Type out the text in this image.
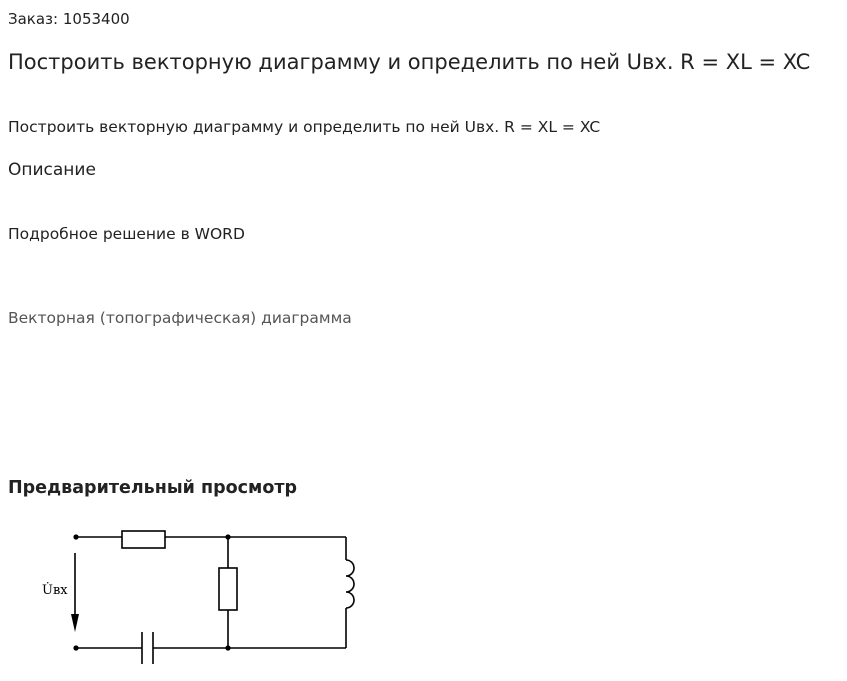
Заказ: 1053400

Построить векторную диаграмму и определить по ней Uвх. R = XL = XC

Построить векторную диаграмму и определить по ней Uвх. R = XL = XC

Описание

Подробное решение в WORD

Векторная (топографическая) диаграмма

Предварительный просмотр
U̇вх
